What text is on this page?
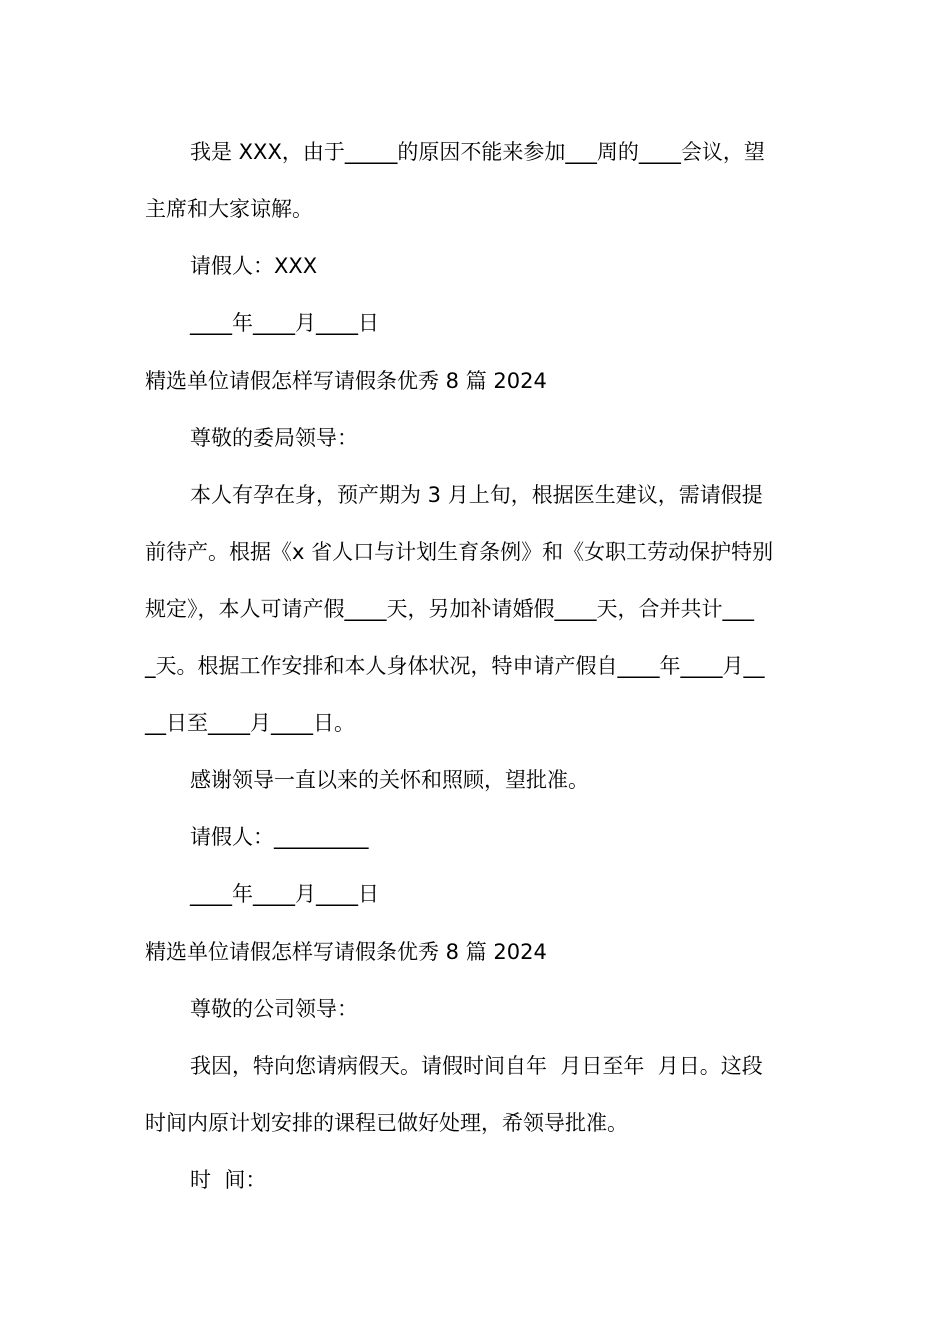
我是 XXX，由于_____的原因不能来参加___周的____会议，望
主席和大家谅解。
请假人：XXX
____年____月____日
精选单位请假怎样写请假条优秀 8 篇 2024
尊敬的委局领导：
本人有孕在身，预产期为 3 月上旬，根据医生建议，需请假提
前待产。根据《x 省人口与计划生育条例》和《女职工劳动保护特别
规定》，本人可请产假____天，另加补请婚假____天，合并共计___
_天。根据工作安排和本人身体状况，特申请产假自____年____月__
__日至____月____日。
感谢领导一直以来的关怀和照顾，望批准。
请假人：_________
____年____月____日
精选单位请假怎样写请假条优秀 8 篇 2024
尊敬的公司领导：
我因，特向您请病假天。请假时间自年  月日至年  月日。这段
时间内原计划安排的课程已做好处理，希领导批准。
时  间：
